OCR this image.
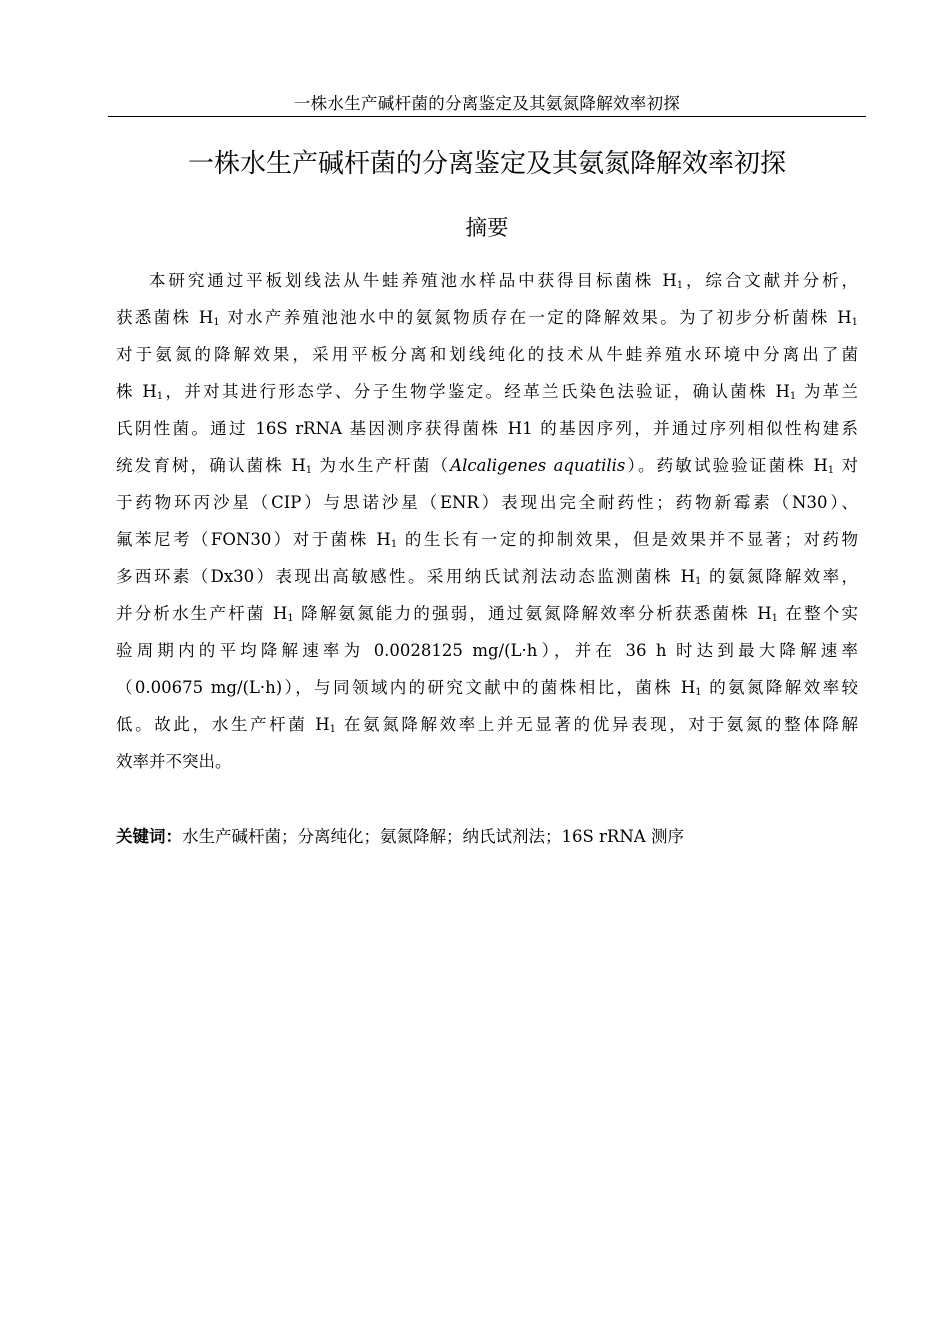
一株水生产碱杆菌的分离鉴定及其氨氮降解效率初探
一株水生产碱杆菌的分离鉴定及其氨氮降解效率初探
摘要

本研究通过平板划线法从牛蛙养殖池水样品中获得目标菌株 $H_1$，综合文献并分析，
获悉菌株 $H_1$ 对水产养殖池池水中的氨氮物质存在一定的降解效果。为了初步分析菌株 $H_1$
对于氨氮的降解效果，采用平板分离和划线纯化的技术从牛蛙养殖水环境中分离出了菌
株 $H_1$，并对其进行形态学、分子生物学鉴定。经革兰氏染色法验证，确认菌株 $H_1$ 为革兰
氏阴性菌。通过 16S rRNA 基因测序获得菌株 H1 的基因序列，并通过序列相似性构建系
统发育树，确认菌株 $H_1$ 为水生产杆菌（Alcaligenes aquatilis）。药敏试验验证菌株 $H_1$ 对
于药物环丙沙星（CIP）与思诺沙星（ENR）表现出完全耐药性；药物新霉素（N30）、
氟苯尼考（FON30）对于菌株 $H_1$ 的生长有一定的抑制效果，但是效果并不显著；对药物
多西环素（Dx30）表现出高敏感性。采用纳氏试剂法动态监测菌株 $H_1$ 的氨氮降解效率，
并分析水生产杆菌 $H_1$ 降解氨氮能力的强弱，通过氨氮降解效率分析获悉菌株 $H_1$ 在整个实
验周期内的平均降解速率为 0.0028125 mg/(L·h），并在 36 h 时达到最大降解速率
（0.00675 mg/(L·h)），与同领域内的研究文献中的菌株相比，菌株 $H_1$ 的氨氮降解效率较
低。故此，水生产杆菌 $H_1$ 在氨氮降解效率上并无显著的优异表现，对于氨氮的整体降解
效率并不突出。

关键词：水生产碱杆菌；分离纯化；氨氮降解；纳氏试剂法；16S rRNA 测序
